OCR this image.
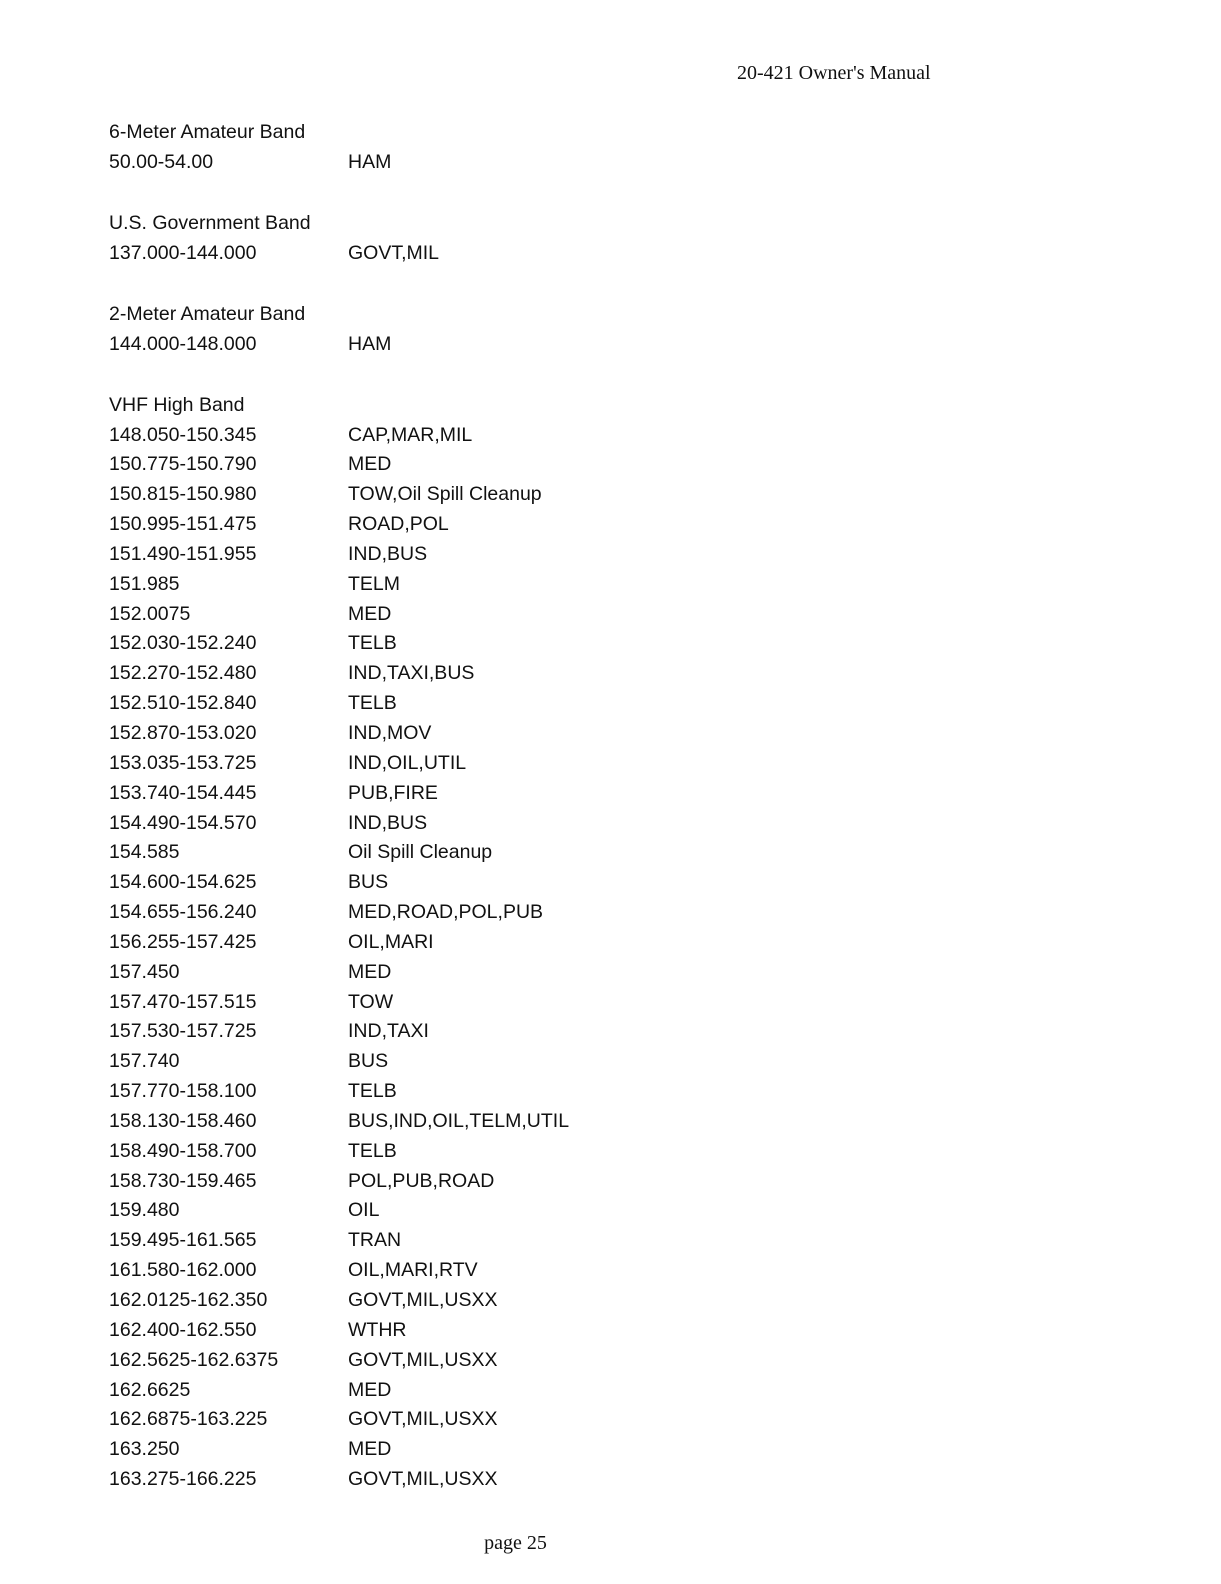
20-421 Owner's Manual
6-Meter Amateur Band
50.00-54.00	HAM
U.S. Government Band
137.000-144.000	GOVT,MIL
2-Meter Amateur Band
144.000-148.000	HAM
VHF High Band
148.050-150.345	CAP,MAR,MIL
150.775-150.790	MED
150.815-150.980	TOW,Oil Spill Cleanup
150.995-151.475	ROAD,POL
151.490-151.955	IND,BUS
151.985	TELM
152.0075	MED
152.030-152.240	TELB
152.270-152.480	IND,TAXI,BUS
152.510-152.840	TELB
152.870-153.020	IND,MOV
153.035-153.725	IND,OIL,UTIL
153.740-154.445	PUB,FIRE
154.490-154.570	IND,BUS
154.585	Oil Spill Cleanup
154.600-154.625	BUS
154.655-156.240	MED,ROAD,POL,PUB
156.255-157.425	OIL,MARI
157.450	MED
157.470-157.515	TOW
157.530-157.725	IND,TAXI
157.740	BUS
157.770-158.100	TELB
158.130-158.460	BUS,IND,OIL,TELM,UTIL
158.490-158.700	TELB
158.730-159.465	POL,PUB,ROAD
159.480	OIL
159.495-161.565	TRAN
161.580-162.000	OIL,MARI,RTV
162.0125-162.350	GOVT,MIL,USXX
162.400-162.550	WTHR
162.5625-162.6375	GOVT,MIL,USXX
162.6625	MED
162.6875-163.225	GOVT,MIL,USXX
163.250	MED
163.275-166.225	GOVT,MIL,USXX
page 25
